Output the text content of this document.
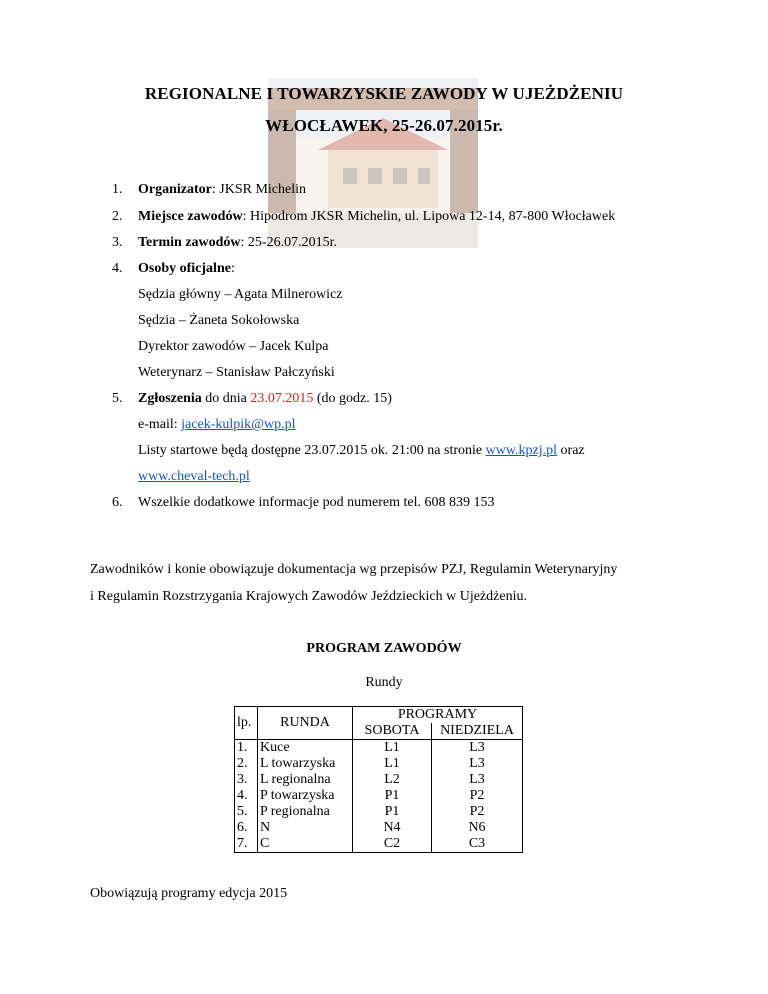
REGIONALNE I TOWARZYSKIE ZAWODY W UJEŻDŻENIU
WŁOCŁAWEK, 25-26.07.2015r.
1. Organizator: JKSR Michelin
2. Miejsce zawodów: Hipodrom JKSR Michelin, ul. Lipowa 12-14, 87-800 Włocławek
3. Termin zawodów: 25-26.07.2015r.
4. Osoby oficjalne:
Sędzia główny – Agata Milnerowicz
Sędzia – Żaneta Sokołowska
Dyrektor zawodów – Jacek Kulpa
Weterynarz – Stanisław Pałczyński
5. Zgłoszenia do dnia 23.07.2015 (do godz. 15)
e-mail: jacek-kulpik@wp.pl
Listy startowe będą dostępne 23.07.2015 ok. 21:00 na stronie www.kpzj.pl oraz
www.cheval-tech.pl
6. Wszelkie dodatkowe informacje pod numerem tel. 608 839 153
Zawodników i konie obowiązuje dokumentacja wg przepisów PZJ, Regulamin Weterynaryjny
i Regulamin Rozstrzygania Krajowych Zawodów Jeździeckich w Ujeżdżeniu.
PROGRAM ZAWODÓW
Rundy
lp.	RUNDA	PROGRAMY	
		SOBOTA	NIEDZIELA
1.	Kuce	L1	L3
2.	L towarzyska	L1	L3
3.	L regionalna	L2	L3
4.	P towarzyska	P1	P2
5.	P regionalna	P1	P2
6.	N	N4	N6
7.	C	C2	C3
Obowiązują programy edycja 2015
